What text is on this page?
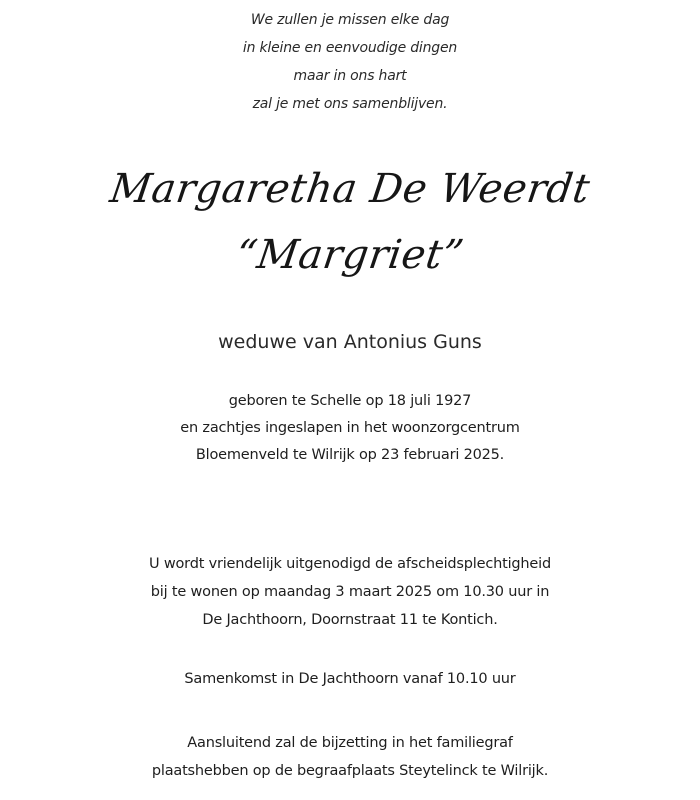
We zullen je missen elke dag
in kleine en eenvoudige dingen
maar in ons hart
zal je met ons samenblijven.
Margaretha De Weerdt
“Margriet”
weduwe van Antonius Guns
geboren te Schelle op 18 juli 1927
en zachtjes ingeslapen in het woonzorgcentrum
Bloemenveld te Wilrijk op 23 februari 2025.
U wordt vriendelijk uitgenodigd de afscheidsplechtigheid
bij te wonen op maandag 3 maart 2025 om 10.30 uur in
De Jachthoorn, Doornstraat 11 te Kontich.
Samenkomst in De Jachthoorn vanaf 10.10 uur
Aansluitend zal de bijzetting in het familiegraf
plaatshebben op de begraafplaats Steytelinck te Wilrijk.
